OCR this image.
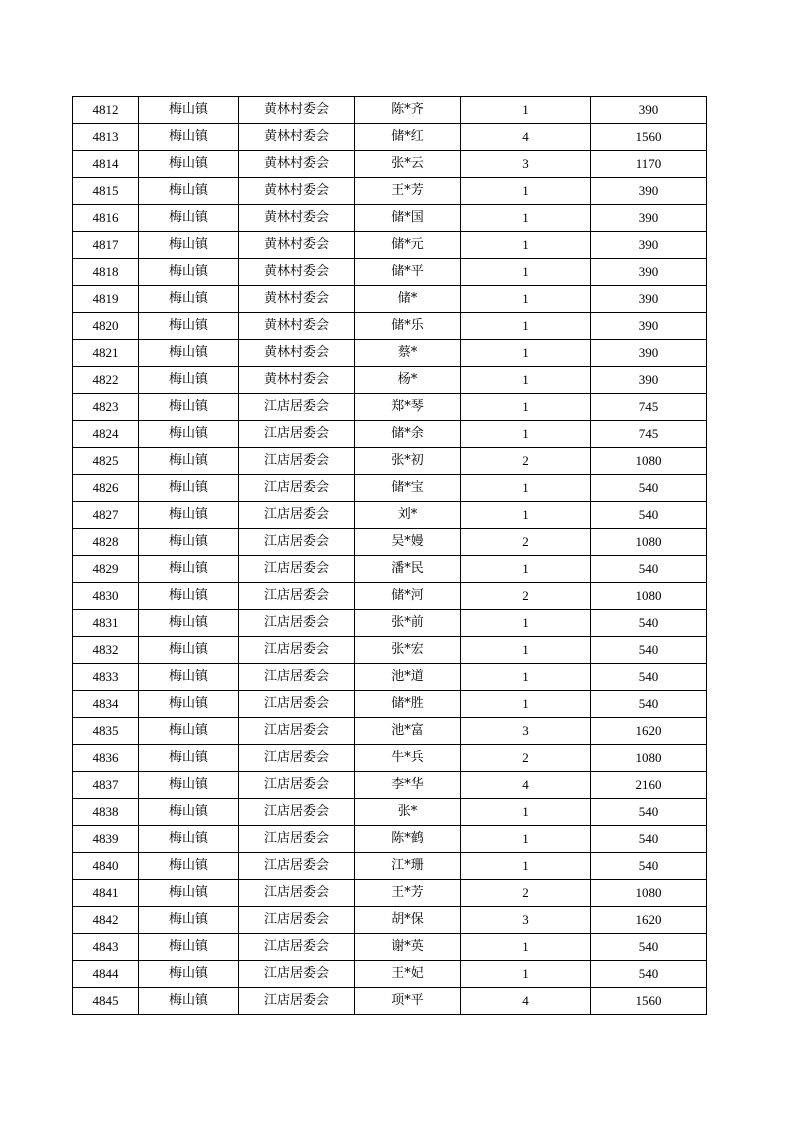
4812	梅山镇	黄林村委会	陈*齐	1	390
4813	梅山镇	黄林村委会	储*红	4	1560
4814	梅山镇	黄林村委会	张*云	3	1170
4815	梅山镇	黄林村委会	王*芳	1	390
4816	梅山镇	黄林村委会	储*国	1	390
4817	梅山镇	黄林村委会	储*元	1	390
4818	梅山镇	黄林村委会	储*平	1	390
4819	梅山镇	黄林村委会	储*	1	390
4820	梅山镇	黄林村委会	储*乐	1	390
4821	梅山镇	黄林村委会	蔡*	1	390
4822	梅山镇	黄林村委会	杨*	1	390
4823	梅山镇	江店居委会	郑*琴	1	745
4824	梅山镇	江店居委会	储*余	1	745
4825	梅山镇	江店居委会	张*初	2	1080
4826	梅山镇	江店居委会	储*宝	1	540
4827	梅山镇	江店居委会	刘*	1	540
4828	梅山镇	江店居委会	吴*嫚	2	1080
4829	梅山镇	江店居委会	潘*民	1	540
4830	梅山镇	江店居委会	储*河	2	1080
4831	梅山镇	江店居委会	张*前	1	540
4832	梅山镇	江店居委会	张*宏	1	540
4833	梅山镇	江店居委会	池*道	1	540
4834	梅山镇	江店居委会	储*胜	1	540
4835	梅山镇	江店居委会	池*富	3	1620
4836	梅山镇	江店居委会	牛*兵	2	1080
4837	梅山镇	江店居委会	李*华	4	2160
4838	梅山镇	江店居委会	张*	1	540
4839	梅山镇	江店居委会	陈*鹤	1	540
4840	梅山镇	江店居委会	江*珊	1	540
4841	梅山镇	江店居委会	王*芳	2	1080
4842	梅山镇	江店居委会	胡*保	3	1620
4843	梅山镇	江店居委会	谢*英	1	540
4844	梅山镇	江店居委会	王*妃	1	540
4845	梅山镇	江店居委会	项*平	4	1560
